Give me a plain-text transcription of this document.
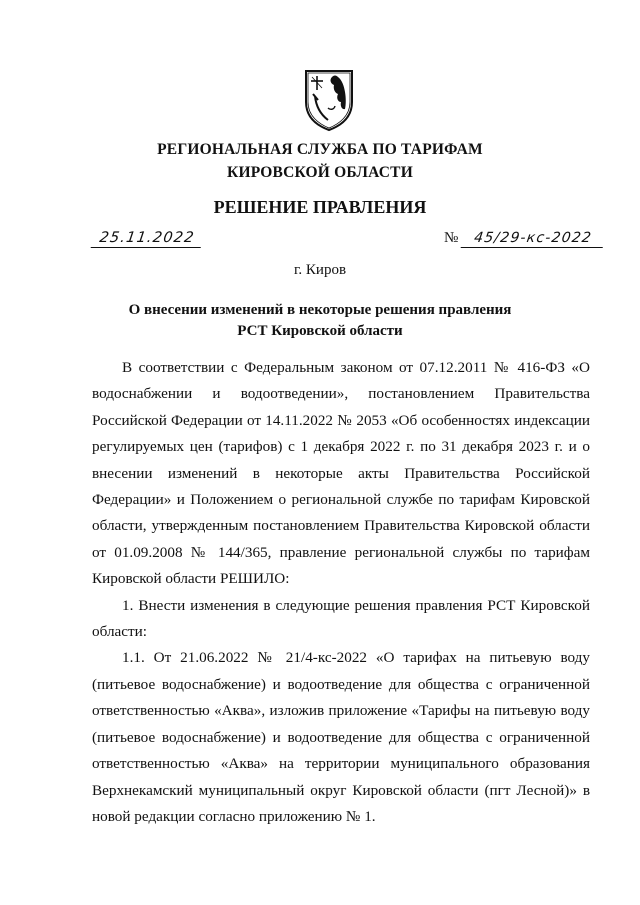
РЕГИОНАЛЬНАЯ СЛУЖБА ПО ТАРИФАМ
КИРОВСКОЙ ОБЛАСТИ
РЕШЕНИЕ ПРАВЛЕНИЯ
25.11.2022	№ 45/29-кс-2022
г. Киров
О внесении изменений в некоторые решения правления
РСТ Кировской области

В соответствии с Федеральным законом от 07.12.2011 № 416-ФЗ «О водоснабжении и водоотведении», постановлением Правительства Российской Федерации от 14.11.2022 № 2053 «Об особенностях индексации регулируемых цен (тарифов) с 1 декабря 2022 г. по 31 декабря 2023 г. и о внесении изменений в некоторые акты Правительства Российской Федерации» и Положением о региональной службе по тарифам Кировской области, утвержденным постановлением Правительства Кировской области от 01.09.2008 № 144/365, правление региональной службы по тарифам Кировской области РЕШИЛО:

1. Внести изменения в следующие решения правления РСТ Кировской области:

1.1. От 21.06.2022 № 21/4-кс-2022 «О тарифах на питьевую воду (питьевое водоснабжение) и водоотведение для общества с ограниченной ответственностью «Аква», изложив приложение «Тарифы на питьевую воду (питьевое водоснабжение) и водоотведение для общества с ограниченной ответственностью «Аква» на территории муниципального образования Верхнекамский муниципальный округ Кировской области (пгт Лесной)» в новой редакции согласно приложению № 1.
